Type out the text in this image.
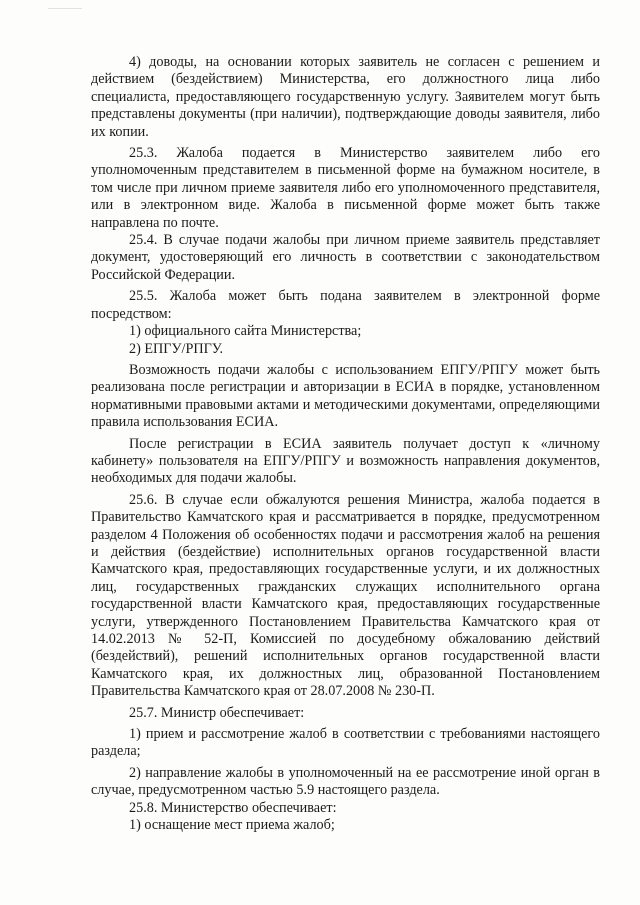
4) доводы, на основании которых заявитель не согласен с решением и действием (бездействием) Министерства, его должностного лица либо специалиста, предоставляющего государственную услугу. Заявителем могут быть представлены документы (при наличии), подтверждающие доводы заявителя, либо их копии.

25.3. Жалоба подается в Министерство заявителем либо его уполномоченным представителем в письменной форме на бумажном носителе, в том числе при личном приеме заявителя либо его уполномоченного представителя, или в электронном виде. Жалоба в письменной форме может быть также направлена по почте.

25.4. В случае подачи жалобы при личном приеме заявитель представляет документ, удостоверяющий его личность в соответствии с законодательством Российской Федерации.

25.5. Жалоба может быть подана заявителем в электронной форме посредством:

1) официального сайта Министерства;

2) ЕПГУ/РПГУ.

Возможность подачи жалобы с использованием ЕПГУ/РПГУ может быть реализована после регистрации и авторизации в ЕСИА в порядке, установленном нормативными правовыми актами и методическими документами, определяющими правила использования ЕСИА.

После регистрации в ЕСИА заявитель получает доступ к «личному кабинету» пользователя на ЕПГУ/РПГУ и возможность направления документов, необходимых для подачи жалобы.

25.6. В случае если обжалуются решения Министра, жалоба подается в Правительство Камчатского края и рассматривается в порядке, предусмотренном разделом 4 Положения об особенностях подачи и рассмотрения жалоб на решения и действия (бездействие) исполнительных органов государственной власти Камчатского края, предоставляющих государственные услуги, и их должностных лиц, государственных гражданских служащих исполнительного органа государственной власти Камчатского края, предоставляющих государственные услуги, утвержденного Постановлением Правительства Камчатского края от 14.02.2013 № 52-П, Комиссией по досудебному обжалованию действий (бездействий), решений исполнительных органов государственной власти Камчатского края, их должностных лиц, образованной Постановлением Правительства Камчатского края от 28.07.2008 № 230-П.

25.7. Министр обеспечивает:

1) прием и рассмотрение жалоб в соответствии с требованиями настоящего раздела;

2) направление жалобы в уполномоченный на ее рассмотрение иной орган в случае, предусмотренном частью 5.9 настоящего раздела.

25.8. Министерство обеспечивает:

1) оснащение мест приема жалоб;
